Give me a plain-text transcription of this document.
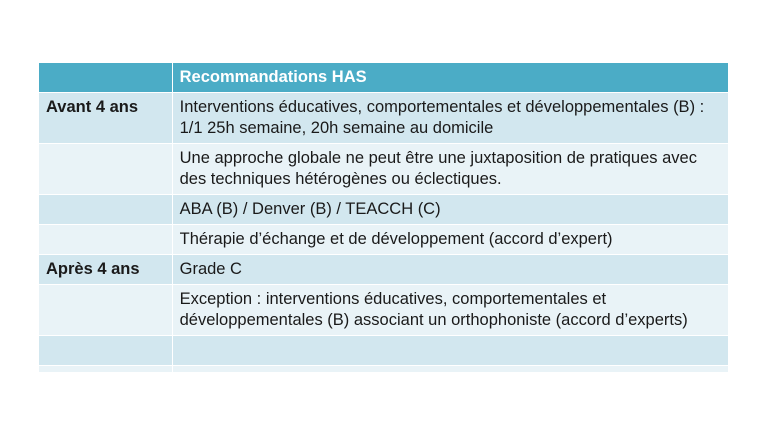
	Recommandations HAS
Avant 4 ans	Interventions éducatives, comportementales et développementales (B) : 1/1 25h semaine, 20h semaine au domicile
	Une approche globale ne peut être une juxtaposition de pratiques avec des techniques hétérogènes ou éclectiques.
	ABA (B) / Denver (B) / TEACCH (C)
	Thérapie d’échange et de développement (accord d’expert)
Après 4 ans	Grade C
	Exception : interventions éducatives, comportementales et développementales (B) associant un orthophoniste (accord d’experts)
